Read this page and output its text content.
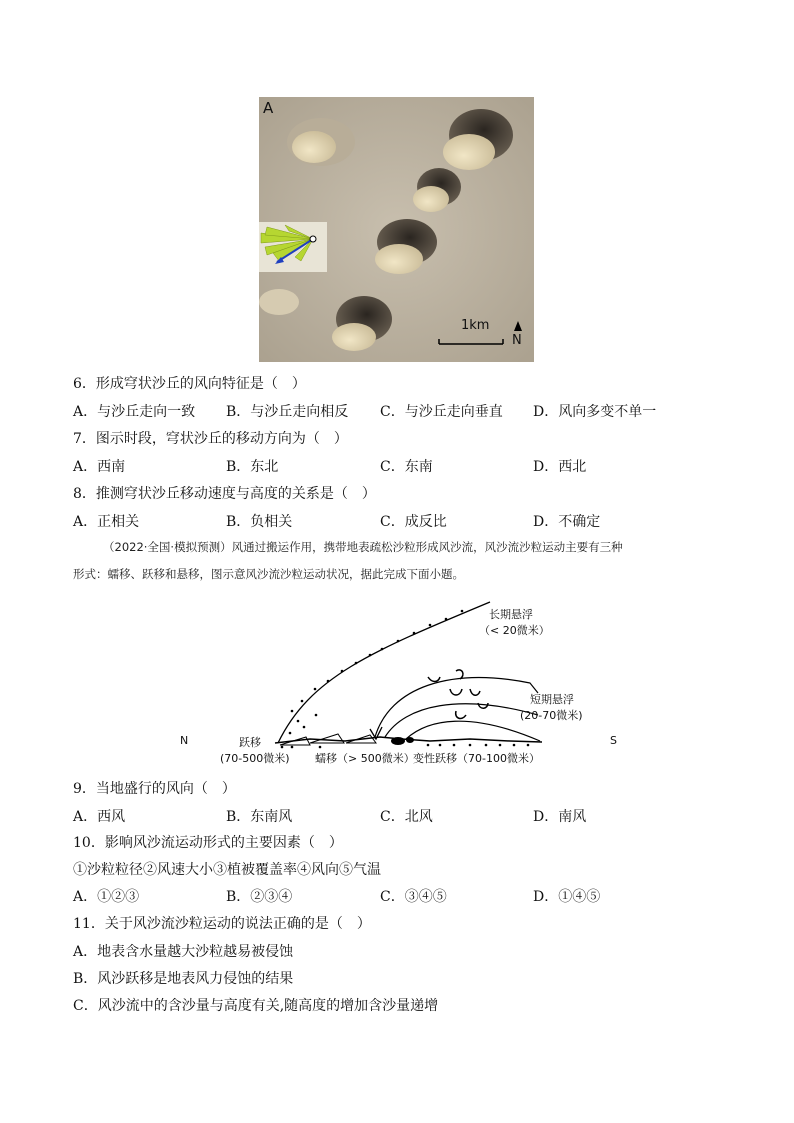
A
1km
N
6．形成穹状沙丘的风向特征是（　）
A．与沙丘走向一致 B．与沙丘走向相反 C．与沙丘走向垂直 D．风向多变不单一
7．图示时段，穹状沙丘的移动方向为（　）
A．西南	B．东北	C．东南	D．西北
8．推测穹状沙丘移动速度与高度的关系是（　）
A．正相关	B．负相关	C．成反比	D．不确定
（2022·全国·模拟预测）风通过搬运作用，携带地表疏松沙粒形成风沙流，风沙流沙粒运动主要有三种
形式：蠕移、跃移和悬移，图示意风沙流沙粒运动状况，据此完成下面小题。
N	S
长期悬浮
（< 20微米）
短期悬浮
(20-70微米)
跃移
(70-500微米) 蠕移（> 500微米）
变性跃移（70-100微米）
9．当地盛行的风向（　）
A．西风	B．东南风	C．北风	D．南风
10．影响风沙流运动形式的主要因素（　）
①沙粒粒径②风速大小③植被覆盖率④风向⑤气温
A．①②③	B．②③④	C．③④⑤	D．①④⑤
11．关于风沙流沙粒运动的说法正确的是（　）
A．地表含水量越大沙粒越易被侵蚀
B．风沙跃移是地表风力侵蚀的结果
C．风沙流中的含沙量与高度有关,随高度的增加含沙量递增
